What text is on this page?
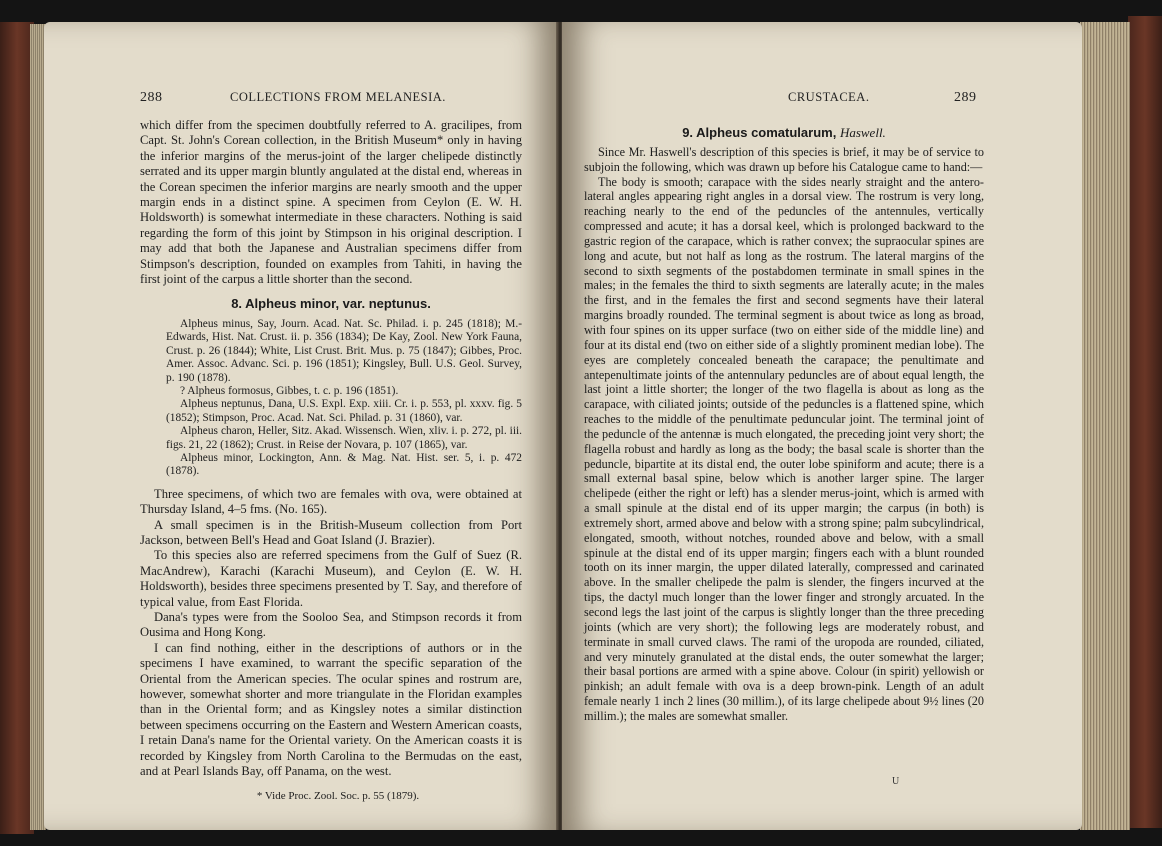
288	COLLECTIONS FROM MELANESIA.

which differ from the specimen doubtfully referred to A. gracilipes, from Capt. St. John's Corean collection, in the British Museum* only in having the inferior margins of the merus-joint of the larger chelipede distinctly serrated and its upper margin bluntly angulated at the distal end, whereas in the Corean specimen the inferior margins are nearly smooth and the upper margin ends in a distinct spine. A specimen from Ceylon (E. W. H. Holdsworth) is somewhat intermediate in these characters. Nothing is said regarding the form of this joint by Stimpson in his original description. I may add that both the Japanese and Australian specimens differ from Stimpson's description, founded on examples from Tahiti, in having the first joint of the carpus a little shorter than the second.

8. Alpheus minor, var. neptunus.

Alpheus minus, Say, Journ. Acad. Nat. Sc. Philad. i. p. 245 (1818); M.-Edwards, Hist. Nat. Crust. ii. p. 356 (1834); De Kay, Zool. New York Fauna, Crust. p. 26 (1844); White, List Crust. Brit. Mus. p. 75 (1847); Gibbes, Proc. Amer. Assoc. Advanc. Sci. p. 196 (1851); Kingsley, Bull. U.S. Geol. Survey, p. 190 (1878).

? Alpheus formosus, Gibbes, t. c. p. 196 (1851).

Alpheus neptunus, Dana, U.S. Expl. Exp. xiii. Cr. i. p. 553, pl. xxxv. fig. 5 (1852); Stimpson, Proc. Acad. Nat. Sci. Philad. p. 31 (1860), var.

Alpheus charon, Heller, Sitz. Akad. Wissensch. Wien, xliv. i. p. 272, pl. iii. figs. 21, 22 (1862); Crust. in Reise der Novara, p. 107 (1865), var.

Alpheus minor, Lockington, Ann. & Mag. Nat. Hist. ser. 5, i. p. 472 (1878).

Three specimens, of which two are females with ova, were obtained at Thursday Island, 4–5 fms. (No. 165).

A small specimen is in the British-Museum collection from Port Jackson, between Bell's Head and Goat Island (J. Brazier).

To this species also are referred specimens from the Gulf of Suez (R. MacAndrew), Karachi (Karachi Museum), and Ceylon (E. W. H. Holdsworth), besides three specimens presented by T. Say, and therefore of typical value, from East Florida.

Dana's types were from the Sooloo Sea, and Stimpson records it from Ousima and Hong Kong.

I can find nothing, either in the descriptions of authors or in the specimens I have examined, to warrant the specific separation of the Oriental from the American species. The ocular spines and rostrum are, however, somewhat shorter and more triangulate in the Floridan examples than in the Oriental form; and as Kingsley notes a similar distinction between specimens occurring on the Eastern and Western American coasts, I retain Dana's name for the Oriental variety. On the American coasts it is recorded by Kingsley from North Carolina to the Bermudas on the east, and at Pearl Islands Bay, off Panama, on the west.

* Vide Proc. Zool. Soc. p. 55 (1879).

CRUSTACEA.	289
9. Alpheus comatularum, Haswell.

Since Mr. Haswell's description of this species is brief, it may be of service to subjoin the following, which was drawn up before his Catalogue came to hand:—

The body is smooth; carapace with the sides nearly straight and the antero-lateral angles appearing right angles in a dorsal view. The rostrum is very long, reaching nearly to the end of the peduncles of the antennules, vertically compressed and acute; it has a dorsal keel, which is prolonged backward to the gastric region of the carapace, which is rather convex; the supraocular spines are long and acute, but not half as long as the rostrum. The lateral margins of the second to sixth segments of the postabdomen terminate in small spines in the males; in the females the third to sixth segments are laterally acute; in the males the first, and in the females the first and second segments have their lateral margins broadly rounded. The terminal segment is about twice as long as broad, with four spines on its upper surface (two on either side of the middle line) and four at its distal end (two on either side of a slightly prominent median lobe). The eyes are completely concealed beneath the carapace; the penultimate and antepenultimate joints of the antennulary peduncles are of about equal length, the last joint a little shorter; the longer of the two flagella is about as long as the carapace, with ciliated joints; outside of the peduncles is a flattened spine, which reaches to the middle of the penultimate peduncular joint. The terminal joint of the peduncle of the antennæ is much elongated, the preceding joint very short; the flagella robust and hardly as long as the body; the basal scale is shorter than the peduncle, bipartite at its distal end, the outer lobe spiniform and acute; there is a small external basal spine, below which is another larger spine. The larger chelipede (either the right or left) has a slender merus-joint, which is armed with a small spinule at the distal end of its upper margin; the carpus (in both) is extremely short, armed above and below with a strong spine; palm subcylindrical, elongated, smooth, without notches, rounded above and below, with a small spinule at the distal end of its upper margin; fingers each with a blunt rounded tooth on its inner margin, the upper dilated laterally, compressed and carinated above. In the smaller chelipede the palm is slender, the fingers incurved at the tips, the dactyl much longer than the lower finger and strongly arcuated. In the second legs the last joint of the carpus is slightly longer than the three preceding joints (which are very short); the following legs are moderately robust, and terminate in small curved claws. The rami of the uropoda are rounded, ciliated, and very minutely granulated at the distal ends, the outer somewhat the larger; their basal portions are armed with a spine above. Colour (in spirit) yellowish or pinkish; an adult female with ova is a deep brown-pink. Length of an adult female nearly 1 inch 2 lines (30 millim.), of its large chelipede about 9½ lines (20 millim.); the males are somewhat smaller.

U
